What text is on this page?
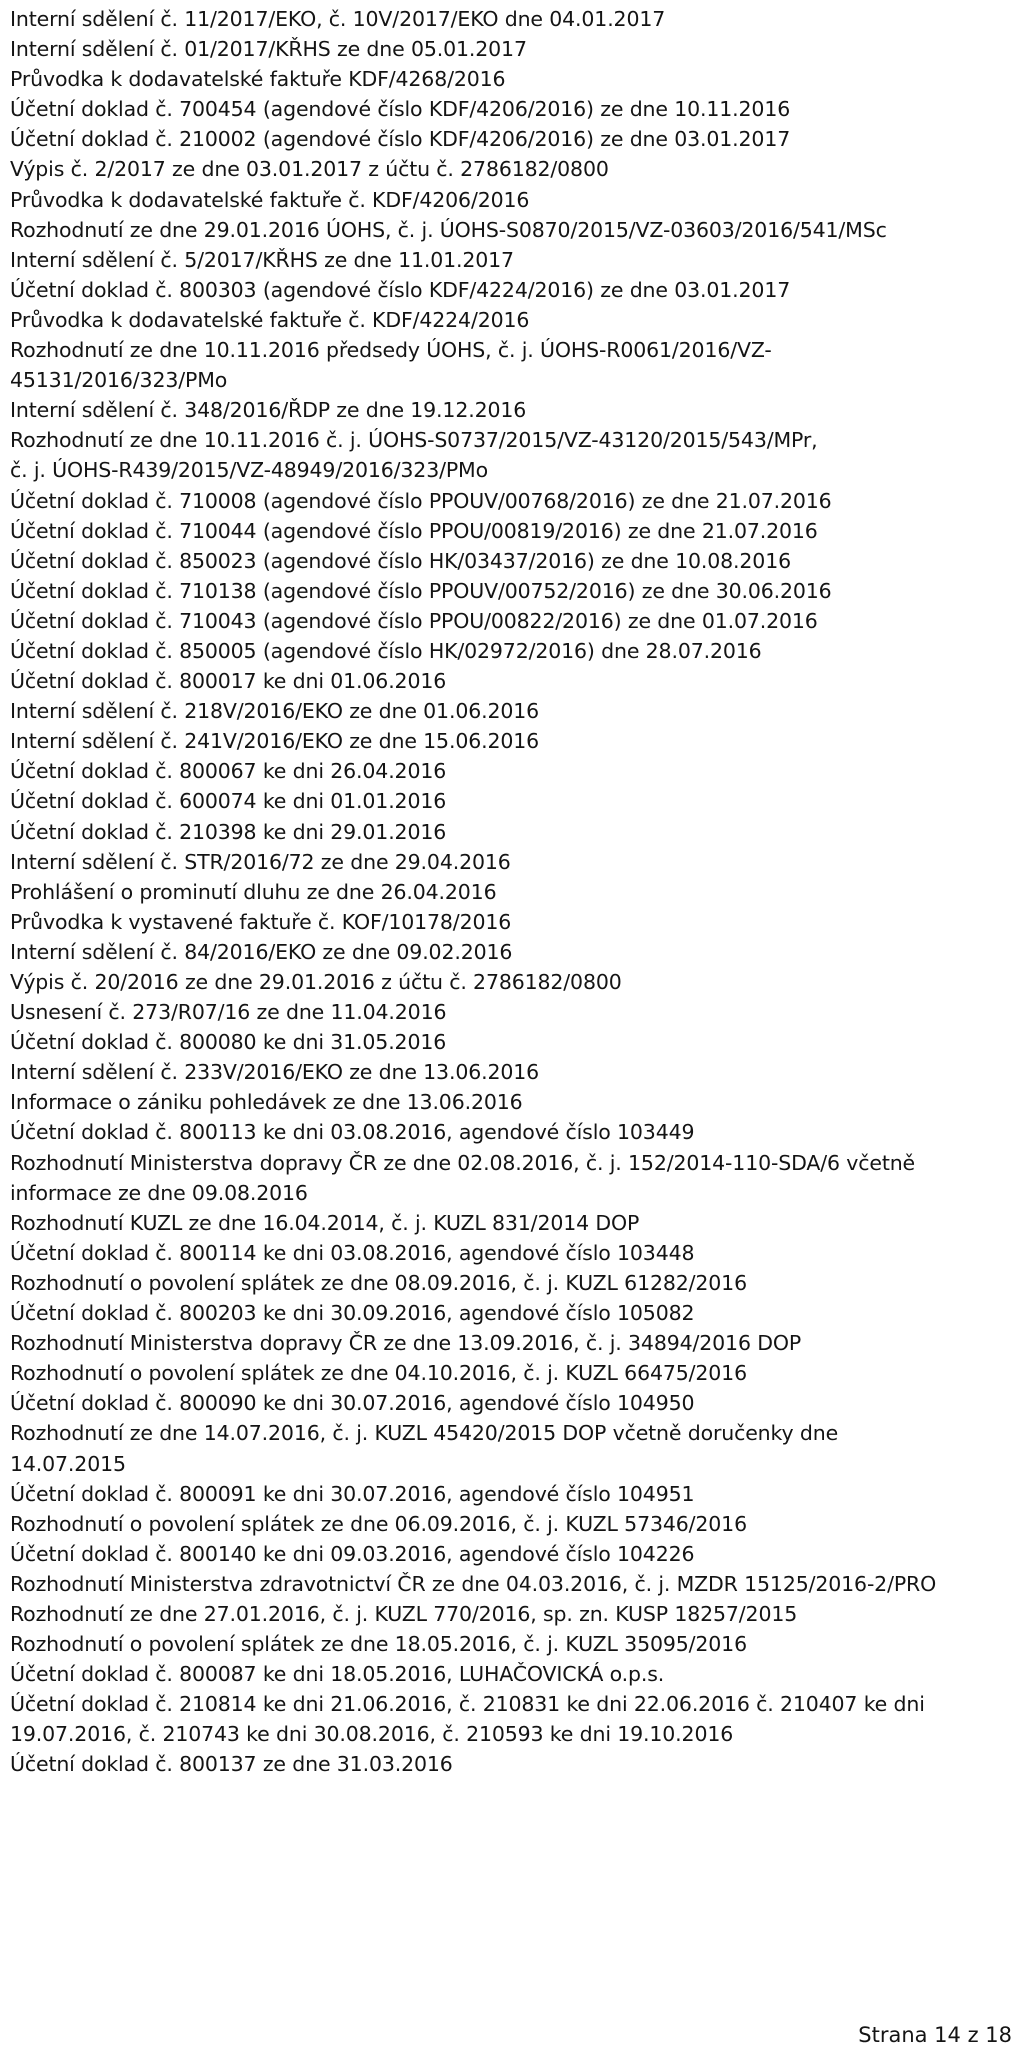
Interní sdělení č. 11/2017/EKO, č. 10V/2017/EKO dne 04.01.2017
Interní sdělení č. 01/2017/KŘHS ze dne 05.01.2017
Průvodka k dodavatelské faktuře KDF/4268/2016
Účetní doklad č. 700454 (agendové číslo KDF/4206/2016) ze dne 10.11.2016
Účetní doklad č. 210002 (agendové číslo KDF/4206/2016) ze dne 03.01.2017
Výpis č. 2/2017 ze dne 03.01.2017 z účtu č. 2786182/0800
Průvodka k dodavatelské faktuře č. KDF/4206/2016
Rozhodnutí ze dne 29.01.2016 ÚOHS, č. j. ÚOHS-S0870/2015/VZ-03603/2016/541/MSc
Interní sdělení č. 5/2017/KŘHS ze dne 11.01.2017
Účetní doklad č. 800303 (agendové číslo KDF/4224/2016) ze dne 03.01.2017
Průvodka k dodavatelské faktuře č. KDF/4224/2016
Rozhodnutí ze dne 10.11.2016 předsedy ÚOHS, č. j. ÚOHS-R0061/2016/VZ-
45131/2016/323/PMo
Interní sdělení č. 348/2016/ŘDP ze dne 19.12.2016
Rozhodnutí ze dne 10.11.2016 č. j. ÚOHS-S0737/2015/VZ-43120/2015/543/MPr,
č. j. ÚOHS-R439/2015/VZ-48949/2016/323/PMo
Účetní doklad č. 710008 (agendové číslo PPOUV/00768/2016) ze dne 21.07.2016
Účetní doklad č. 710044 (agendové číslo PPOU/00819/2016) ze dne 21.07.2016
Účetní doklad č. 850023 (agendové číslo HK/03437/2016) ze dne 10.08.2016
Účetní doklad č. 710138 (agendové číslo PPOUV/00752/2016) ze dne 30.06.2016
Účetní doklad č. 710043 (agendové číslo PPOU/00822/2016) ze dne 01.07.2016
Účetní doklad č. 850005 (agendové číslo HK/02972/2016) dne 28.07.2016
Účetní doklad č. 800017 ke dni 01.06.2016
Interní sdělení č. 218V/2016/EKO ze dne 01.06.2016
Interní sdělení č. 241V/2016/EKO ze dne 15.06.2016
Účetní doklad č. 800067 ke dni 26.04.2016
Účetní doklad č. 600074 ke dni 01.01.2016
Účetní doklad č. 210398 ke dni 29.01.2016
Interní sdělení č. STR/2016/72 ze dne 29.04.2016
Prohlášení o prominutí dluhu ze dne 26.04.2016
Průvodka k vystavené faktuře č. KOF/10178/2016
Interní sdělení č. 84/2016/EKO ze dne 09.02.2016
Výpis č. 20/2016 ze dne 29.01.2016 z účtu č. 2786182/0800
Usnesení č. 273/R07/16 ze dne 11.04.2016
Účetní doklad č. 800080 ke dni 31.05.2016
Interní sdělení č. 233V/2016/EKO ze dne 13.06.2016
Informace o zániku pohledávek ze dne 13.06.2016
Účetní doklad č. 800113 ke dni 03.08.2016, agendové číslo 103449
Rozhodnutí Ministerstva dopravy ČR ze dne 02.08.2016, č. j. 152/2014-110-SDA/6 včetně
informace ze dne 09.08.2016
Rozhodnutí KUZL ze dne 16.04.2014, č. j. KUZL 831/2014 DOP
Účetní doklad č. 800114 ke dni 03.08.2016, agendové číslo 103448
Rozhodnutí o povolení splátek ze dne 08.09.2016, č. j. KUZL 61282/2016
Účetní doklad č. 800203 ke dni 30.09.2016, agendové číslo 105082
Rozhodnutí Ministerstva dopravy ČR ze dne 13.09.2016, č. j. 34894/2016 DOP
Rozhodnutí o povolení splátek ze dne 04.10.2016, č. j. KUZL 66475/2016
Účetní doklad č. 800090 ke dni 30.07.2016, agendové číslo 104950
Rozhodnutí ze dne 14.07.2016, č. j. KUZL 45420/2015 DOP včetně doručenky dne
14.07.2015
Účetní doklad č. 800091 ke dni 30.07.2016, agendové číslo 104951
Rozhodnutí o povolení splátek ze dne 06.09.2016, č. j. KUZL 57346/2016
Účetní doklad č. 800140 ke dni 09.03.2016, agendové číslo 104226
Rozhodnutí Ministerstva zdravotnictví ČR ze dne 04.03.2016, č. j. MZDR 15125/2016-2/PRO
Rozhodnutí ze dne 27.01.2016, č. j. KUZL 770/2016, sp. zn. KUSP 18257/2015
Rozhodnutí o povolení splátek ze dne 18.05.2016, č. j. KUZL 35095/2016
Účetní doklad č. 800087 ke dni 18.05.2016, LUHAČOVICKÁ o.p.s.
Účetní doklad č. 210814 ke dni 21.06.2016, č. 210831 ke dni 22.06.2016 č. 210407 ke dni
19.07.2016, č. 210743 ke dni 30.08.2016, č. 210593 ke dni 19.10.2016
Účetní doklad č. 800137 ze dne 31.03.2016
Strana 14 z 18
